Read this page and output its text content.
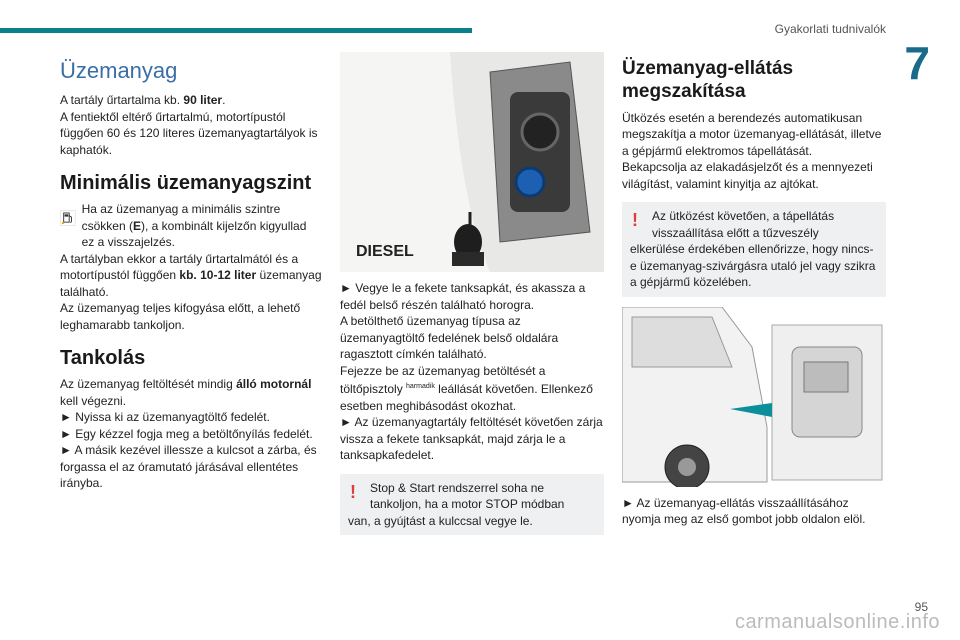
Gyakorlati tudnivalók
7
Üzemanyag

A tartály űrtartalma kb. 90 liter.

A fentiektől eltérő űrtartalmú, motortípustól függően 60 és 120 literes üzemanyagtartályok is kaphatók.

Minimális üzemanyagszint
Ha az üzemanyag a minimális szintre csökken (E), a kombinált kijelzőn kigyullad ez a visszajelzés.

A tartályban ekkor a tartály űrtartalmától és a motortípustól függően kb. 10-12 liter üzemanyag található.

Az üzemanyag teljes kifogyása előtt, a lehető leghamarabb tankoljon.

Tankolás

Az üzemanyag feltöltését mindig álló motornál kell végezni.

► Nyissa ki az üzemanyagtöltő fedelét.

► Egy kézzel fogja meg a betöltőnyílás fedelét.

► A másik kezével illessze a kulcsot a zárba, és forgassa el az óramutató járásával ellentétes irányba.

DIESEL

► Vegye le a fekete tanksapkát, és akassza a fedél belső részén található horogra.

A betölthető üzemanyag típusa az üzemanyagtöltő fedelének belső oldalára ragasztott címkén található.

Fejezze be az üzemanyag betöltését a töltőpisztoly $^{harmadik}$ leállását követően. Ellenkező esetben meghibásodást okozhat.

► Az üzemanyagtartály feltöltését követően zárja vissza a fekete tanksapkát, majd zárja le a tanksapkafedelet.

!	Stop & Start rendszerrel soha ne tankoljon, ha a motor STOP módban
van, a gyújtást a kulccsal vegye le.
Üzemanyag-ellátás megszakítása

Ütközés esetén a berendezés automatikusan megszakítja a motor üzemanyag-ellátását, illetve a gépjármű elektromos tápellátását.

Bekapcsolja az elakadásjelzőt és a mennyezeti világítást, valamint kinyitja az ajtókat.

!	Az ütközést követően, a tápellátás visszaállítása előtt a tűzveszély
elkerülése érdekében ellenőrizze, hogy nincs-e üzemanyag-szivárgásra utaló jel vagy szikra a gépjármű közelében.

► Az üzemanyag-ellátás visszaállításához nyomja meg az első gombot jobb oldalon elöl.

carmanualsonline.info
95
